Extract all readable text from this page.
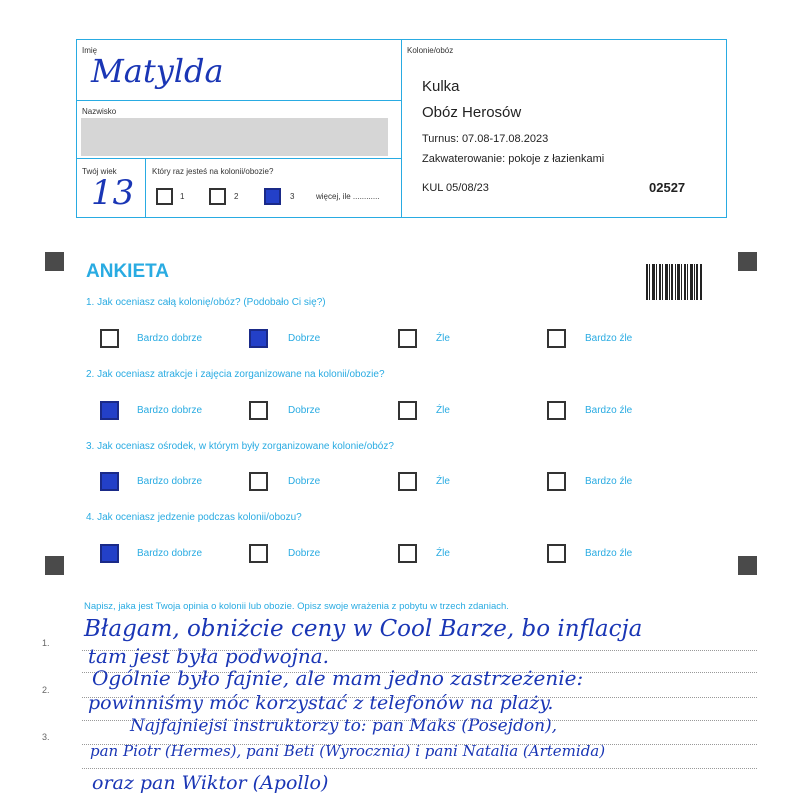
Imię
Matylda
Nazwisko
Twój wiek
13
Który raz jesteś na kolonii/obozie?
1	2	3	więcej, ile ............
Kolonie/obóz
Kulka
Obóz Herosów
Turnus: 07.08-17.08.2023
Zakwaterowanie: pokoje z łazienkami
KUL 05/08/23	02527
ANKIETA
1. Jak oceniasz całą kolonię/obóz? (Podobało Ci się?)
Bardzo dobrze	Dobrze	Źle	Bardzo źle
2. Jak oceniasz atrakcje i zajęcia zorganizowane na kolonii/obozie?
Bardzo dobrze	Dobrze	Źle	Bardzo źle
3. Jak oceniasz ośrodek, w którym były zorganizowane kolonie/obóz?
Bardzo dobrze	Dobrze	Źle	Bardzo źle
4. Jak oceniasz jedzenie podczas kolonii/obozu?
Bardzo dobrze	Dobrze	Źle	Bardzo źle
Napisz, jaka jest Twoja opinia o kolonii lub obozie. Opisz swoje wrażenia z pobytu w trzech zdaniach.
1.
2.
3.
Błagam, obniżcie ceny w Cool Barze, bo inflacja
tam jest była podwojna.
Ogólnie było fajnie, ale mam jedno zastrzeżenie:
powinniśmy móc korzystać z telefonów na plaży.
Najfajniejsi instruktorzy to: pan Maks (Posejdon),
pan Piotr (Hermes), pani Beti (Wyrocznia) i pani Natalia (Artemida)
oraz pan Wiktor (Apollo)
